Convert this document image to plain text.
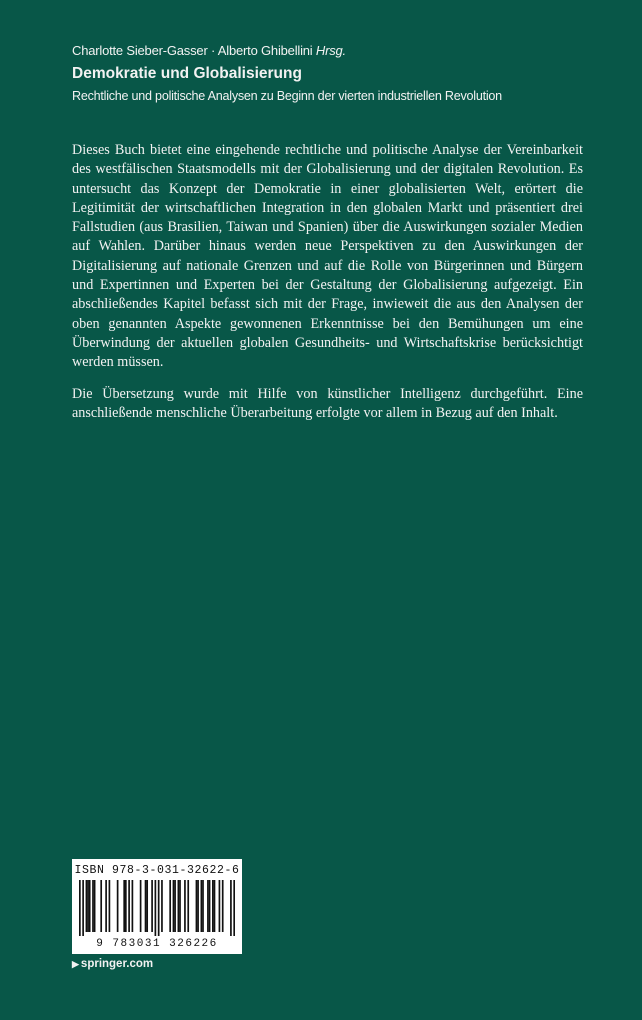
Charlotte Sieber-Gasser · Alberto Ghibellini Hrsg.
Demokratie und Globalisierung
Rechtliche und politische Analysen zu Beginn der vierten industriellen Revolution

Dieses Buch bietet eine eingehende rechtliche und politische Analyse der Vereinbarkeit des westfälischen Staatsmodells mit der Globalisierung und der digitalen Revolution. Es untersucht das Konzept der Demokratie in einer globalisierten Welt, erörtert die Legitimität der wirtschaftlichen Integration in den globalen Markt und präsentiert drei Fallstudien (aus Brasilien, Taiwan und Spanien) über die Auswirkungen sozialer Medien auf Wahlen. Darüber hinaus werden neue Perspektiven zu den Auswirkungen der Digitalisierung auf nationale Grenzen und auf die Rolle von Bürgerinnen und Bürgern und Expertinnen und Experten bei der Gestaltung der Globalisierung aufgezeigt. Ein abschließendes Kapitel befasst sich mit der Frage, inwieweit die aus den Analysen der oben genannten Aspekte gewonnenen Erkenntnisse bei den Bemühungen um eine Überwindung der aktuellen globalen Gesundheits- und Wirtschaftskrise berücksichtigt werden müssen.

Die Übersetzung wurde mit Hilfe von künstlicher Intelligenz durchgeführt. Eine anschließende menschliche Überarbeitung erfolgte vor allem in Bezug auf den Inhalt.

ISBN 978-3-031-32622-6
9 783031 326226
▶ springer.com
